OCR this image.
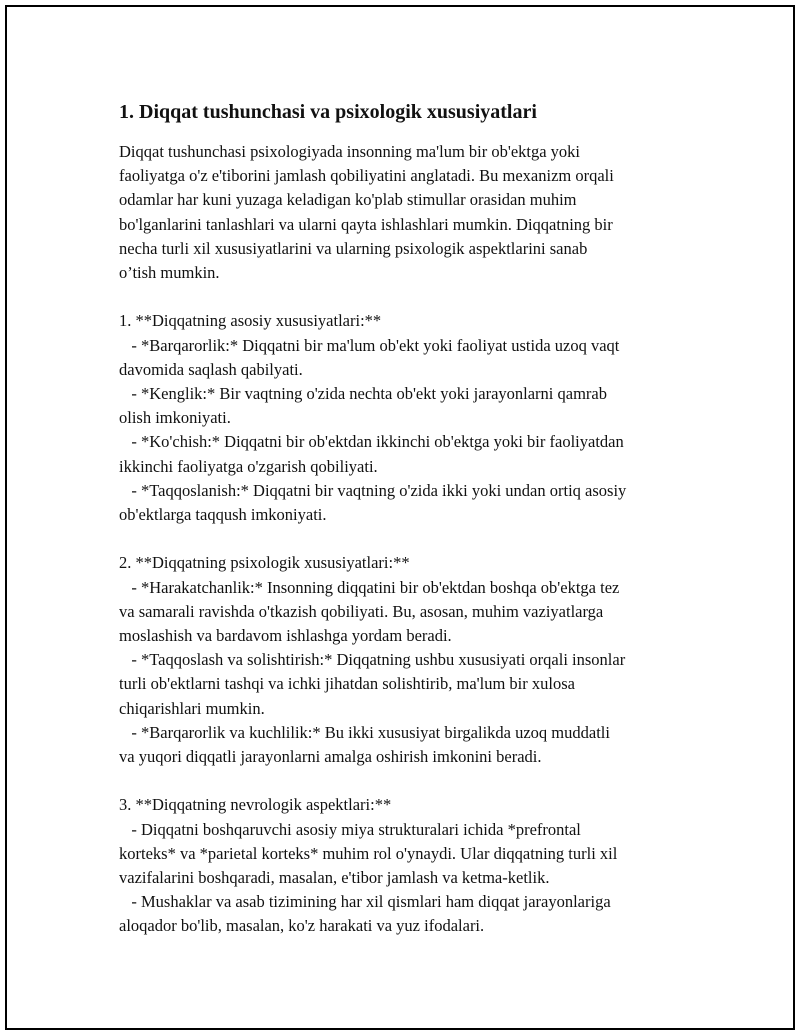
1. Diqqat tushunchasi va psixologik xususiyatlari
Diqqat tushunchasi psixologiyada insonning ma'lum bir ob'ektga yoki
faoliyatga o'z e'tiborini jamlash qobiliyatini anglatadi. Bu mexanizm orqali
odamlar har kuni yuzaga keladigan ko'plab stimullar orasidan muhim
bo'lganlarini tanlashlari va ularni qayta ishlashlari mumkin. Diqqatning bir
necha turli xil xususiyatlarini va ularning psixologik aspektlarini sanab
o’tish mumkin.
1. **Diqqatning asosiy xususiyatlari:**
- *Barqarorlik:* Diqqatni bir ma'lum ob'ekt yoki faoliyat ustida uzoq vaqt
davomida saqlash qabilyati.
- *Kenglik:* Bir vaqtning o'zida nechta ob'ekt yoki jarayonlarni qamrab
olish imkoniyati.
- *Ko'chish:* Diqqatni bir ob'ektdan ikkinchi ob'ektga yoki bir faoliyatdan
ikkinchi faoliyatga o'zgarish qobiliyati.
- *Taqqoslanish:* Diqqatni bir vaqtning o'zida ikki yoki undan ortiq asosiy
ob'ektlarga taqqush imkoniyati.
2. **Diqqatning psixologik xususiyatlari:**
- *Harakatchanlik:* Insonning diqqatini bir ob'ektdan boshqa ob'ektga tez
va samarali ravishda o'tkazish qobiliyati. Bu, asosan, muhim vaziyatlarga
moslashish va bardavom ishlashga yordam beradi.
- *Taqqoslash va solishtirish:* Diqqatning ushbu xususiyati orqali insonlar
turli ob'ektlarni tashqi va ichki jihatdan solishtirib, ma'lum bir xulosa
chiqarishlari mumkin.
- *Barqarorlik va kuchlilik:* Bu ikki xususiyat birgalikda uzoq muddatli
va yuqori diqqatli jarayonlarni amalga oshirish imkonini beradi.
3. **Diqqatning nevrologik aspektlari:**
- Diqqatni boshqaruvchi asosiy miya strukturalari ichida *prefrontal
korteks* va *parietal korteks* muhim rol o'ynaydi. Ular diqqatning turli xil
vazifalarini boshqaradi, masalan, e'tibor jamlash va ketma-ketlik.
- Mushaklar va asab tizimining har xil qismlari ham diqqat jarayonlariga
aloqador bo'lib, masalan, ko'z harakati va yuz ifodalari.
